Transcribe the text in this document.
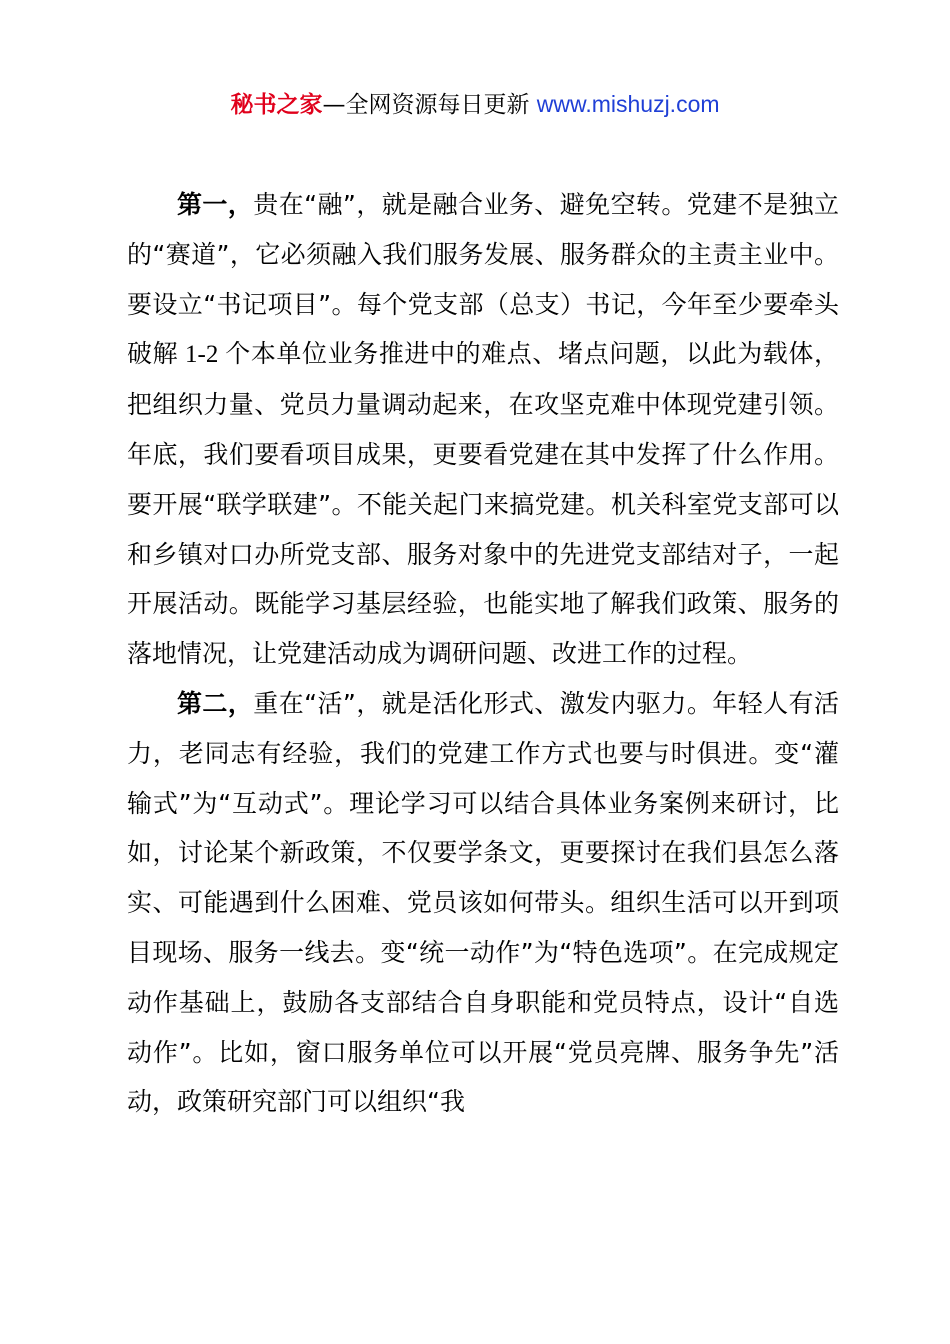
秘书之家—全网资源每日更新 www.mishuzj.com

第一，贵在“融”，就是融合业务、避免空转。党建不是独立的“赛道”，它必须融入我们服务发展、服务群众的主责主业中。要设立“书记项目”。每个党支部（总支）书记，今年至少要牵头破解 1-2 个本单位业务推进中的难点、堵点问题，以此为载体，把组织力量、党员力量调动起来，在攻坚克难中体现党建引领。年底，我们要看项目成果，更要看党建在其中发挥了什么作用。要开展“联学联建”。不能关起门来搞党建。机关科室党支部可以和乡镇对口办所党支部、服务对象中的先进党支部结对子，一起开展活动。既能学习基层经验，也能实地了解我们政策、服务的落地情况，让党建活动成为调研问题、改进工作的过程。

第二，重在“活”，就是活化形式、激发内驱力。年轻人有活力，老同志有经验，我们的党建工作方式也要与时俱进。变“灌输式”为“互动式”。理论学习可以结合具体业务案例来研讨，比如，讨论某个新政策，不仅要学条文，更要探讨在我们县怎么落实、可能遇到什么困难、党员该如何带头。组织生活可以开到项目现场、服务一线去。变“统一动作”为“特色选项”。在完成规定动作基础上，鼓励各支部结合自身职能和党员特点，设计“自选动作”。比如，窗口服务单位可以开展“党员亮牌、服务争先”活动，政策研究部门可以组织“我
